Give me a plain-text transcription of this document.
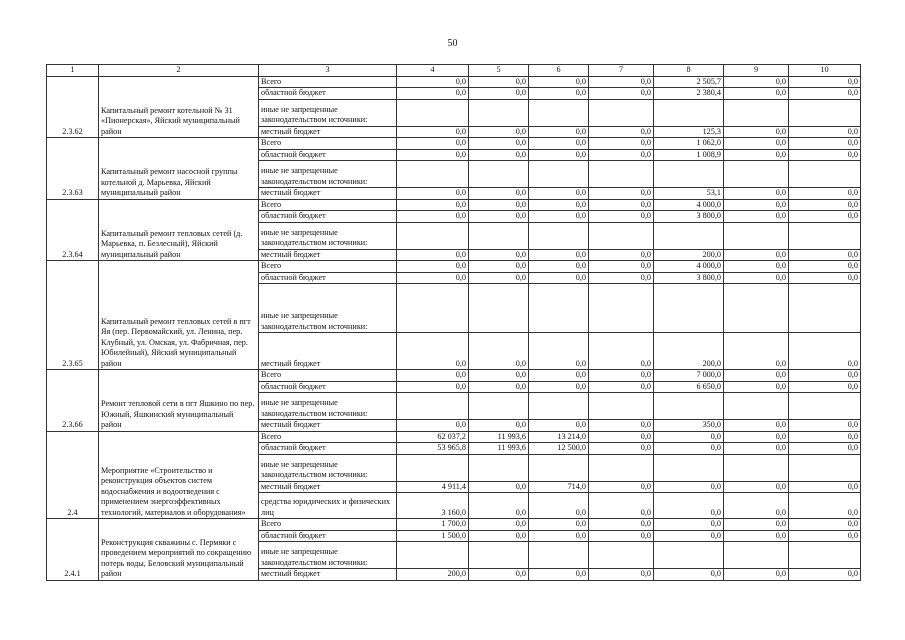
50
1	2	3	4	5	6	7	8	9	10
2.3.62	Капитальный ремонт котельной № 31 «Пионерская», Яйский муниципальный район	Всего	0,0	0,0	0,0	0,0	2 505,7	0,0	0,0
		областной бюджет	0,0	0,0	0,0	0,0	2 380,4	0,0	0,0
		иные не запрещенные законодательством источники:							
		местный бюджет	0,0	0,0	0,0	0,0	125,3	0,0	0,0
2.3.63	Капитальный ремонт насосной группы котельной д. Марьевка, Яйский муниципальный район	Всего	0,0	0,0	0,0	0,0	1 062,0	0,0	0,0
		областной бюджет	0,0	0,0	0,0	0,0	1 008,9	0,0	0,0
		иные не запрещенные законодательством источники:							
		местный бюджет	0,0	0,0	0,0	0,0	53,1	0,0	0,0
2.3.64	Капитальный ремонт тепловых сетей (д. Марьевка, п. Безлесный), Яйский муниципальный район	Всего	0,0	0,0	0,0	0,0	4 000,0	0,0	0,0
		областной бюджет	0,0	0,0	0,0	0,0	3 800,0	0,0	0,0
		иные не запрещенные законодательством источники:							
		местный бюджет	0,0	0,0	0,0	0,0	200,0	0,0	0,0
2.3.65	Капитальный ремонт тепловых сетей в пгт Яя (пер. Первомайский, ул. Ленина, пер. Клубный, ул. Омская, ул. Фабричная, пер. Юбилейный), Яйский муниципальный район	Всего	0,0	0,0	0,0	0,0	4 000,0	0,0	0,0
		областной бюджет	0,0	0,0	0,0	0,0	3 800,0	0,0	0,0
		иные не запрещенные законодательством источники:							
		местный бюджет	0,0	0,0	0,0	0,0	200,0	0,0	0,0
2.3.66	Ремонт тепловой сети в пгт Яшкино по пер. Южный, Яшкинский муниципальный район	Всего	0,0	0,0	0,0	0,0	7 000,0	0,0	0,0
		областной бюджет	0,0	0,0	0,0	0,0	6 650,0	0,0	0,0
		иные не запрещенные законодательством источники:							
		местный бюджет	0,0	0,0	0,0	0,0	350,0	0,0	0,0
2.4	Мероприятие «Строительство и реконструкция объектов систем водоснабжения и водоотведения с применением энергоэффективных технологий, материалов и оборудования»	Всего	62 037,2	11 993,6	13 214,0	0,0	0,0	0,0	0,0
		областной бюджет	53 965,8	11 993,6	12 500,0	0,0	0,0	0,0	0,0
		иные не запрещенные законодательством источники:							
		местный бюджет	4 911,4	0,0	714,0	0,0	0,0	0,0	0,0
		средства юридических и физических лиц	3 160,0	0,0	0,0	0,0	0,0	0,0	0,0
2.4.1	Реконструкция скважины с. Пермяки с проведением мероприятий по сокращению потерь воды, Беловский муниципальный район	Всего	1 700,0	0,0	0,0	0,0	0,0	0,0	0,0
		областной бюджет	1 500,0	0,0	0,0	0,0	0,0	0,0	0,0
		иные не запрещенные законодательством источники:							
		местный бюджет	200,0	0,0	0,0	0,0	0,0	0,0	0,0
